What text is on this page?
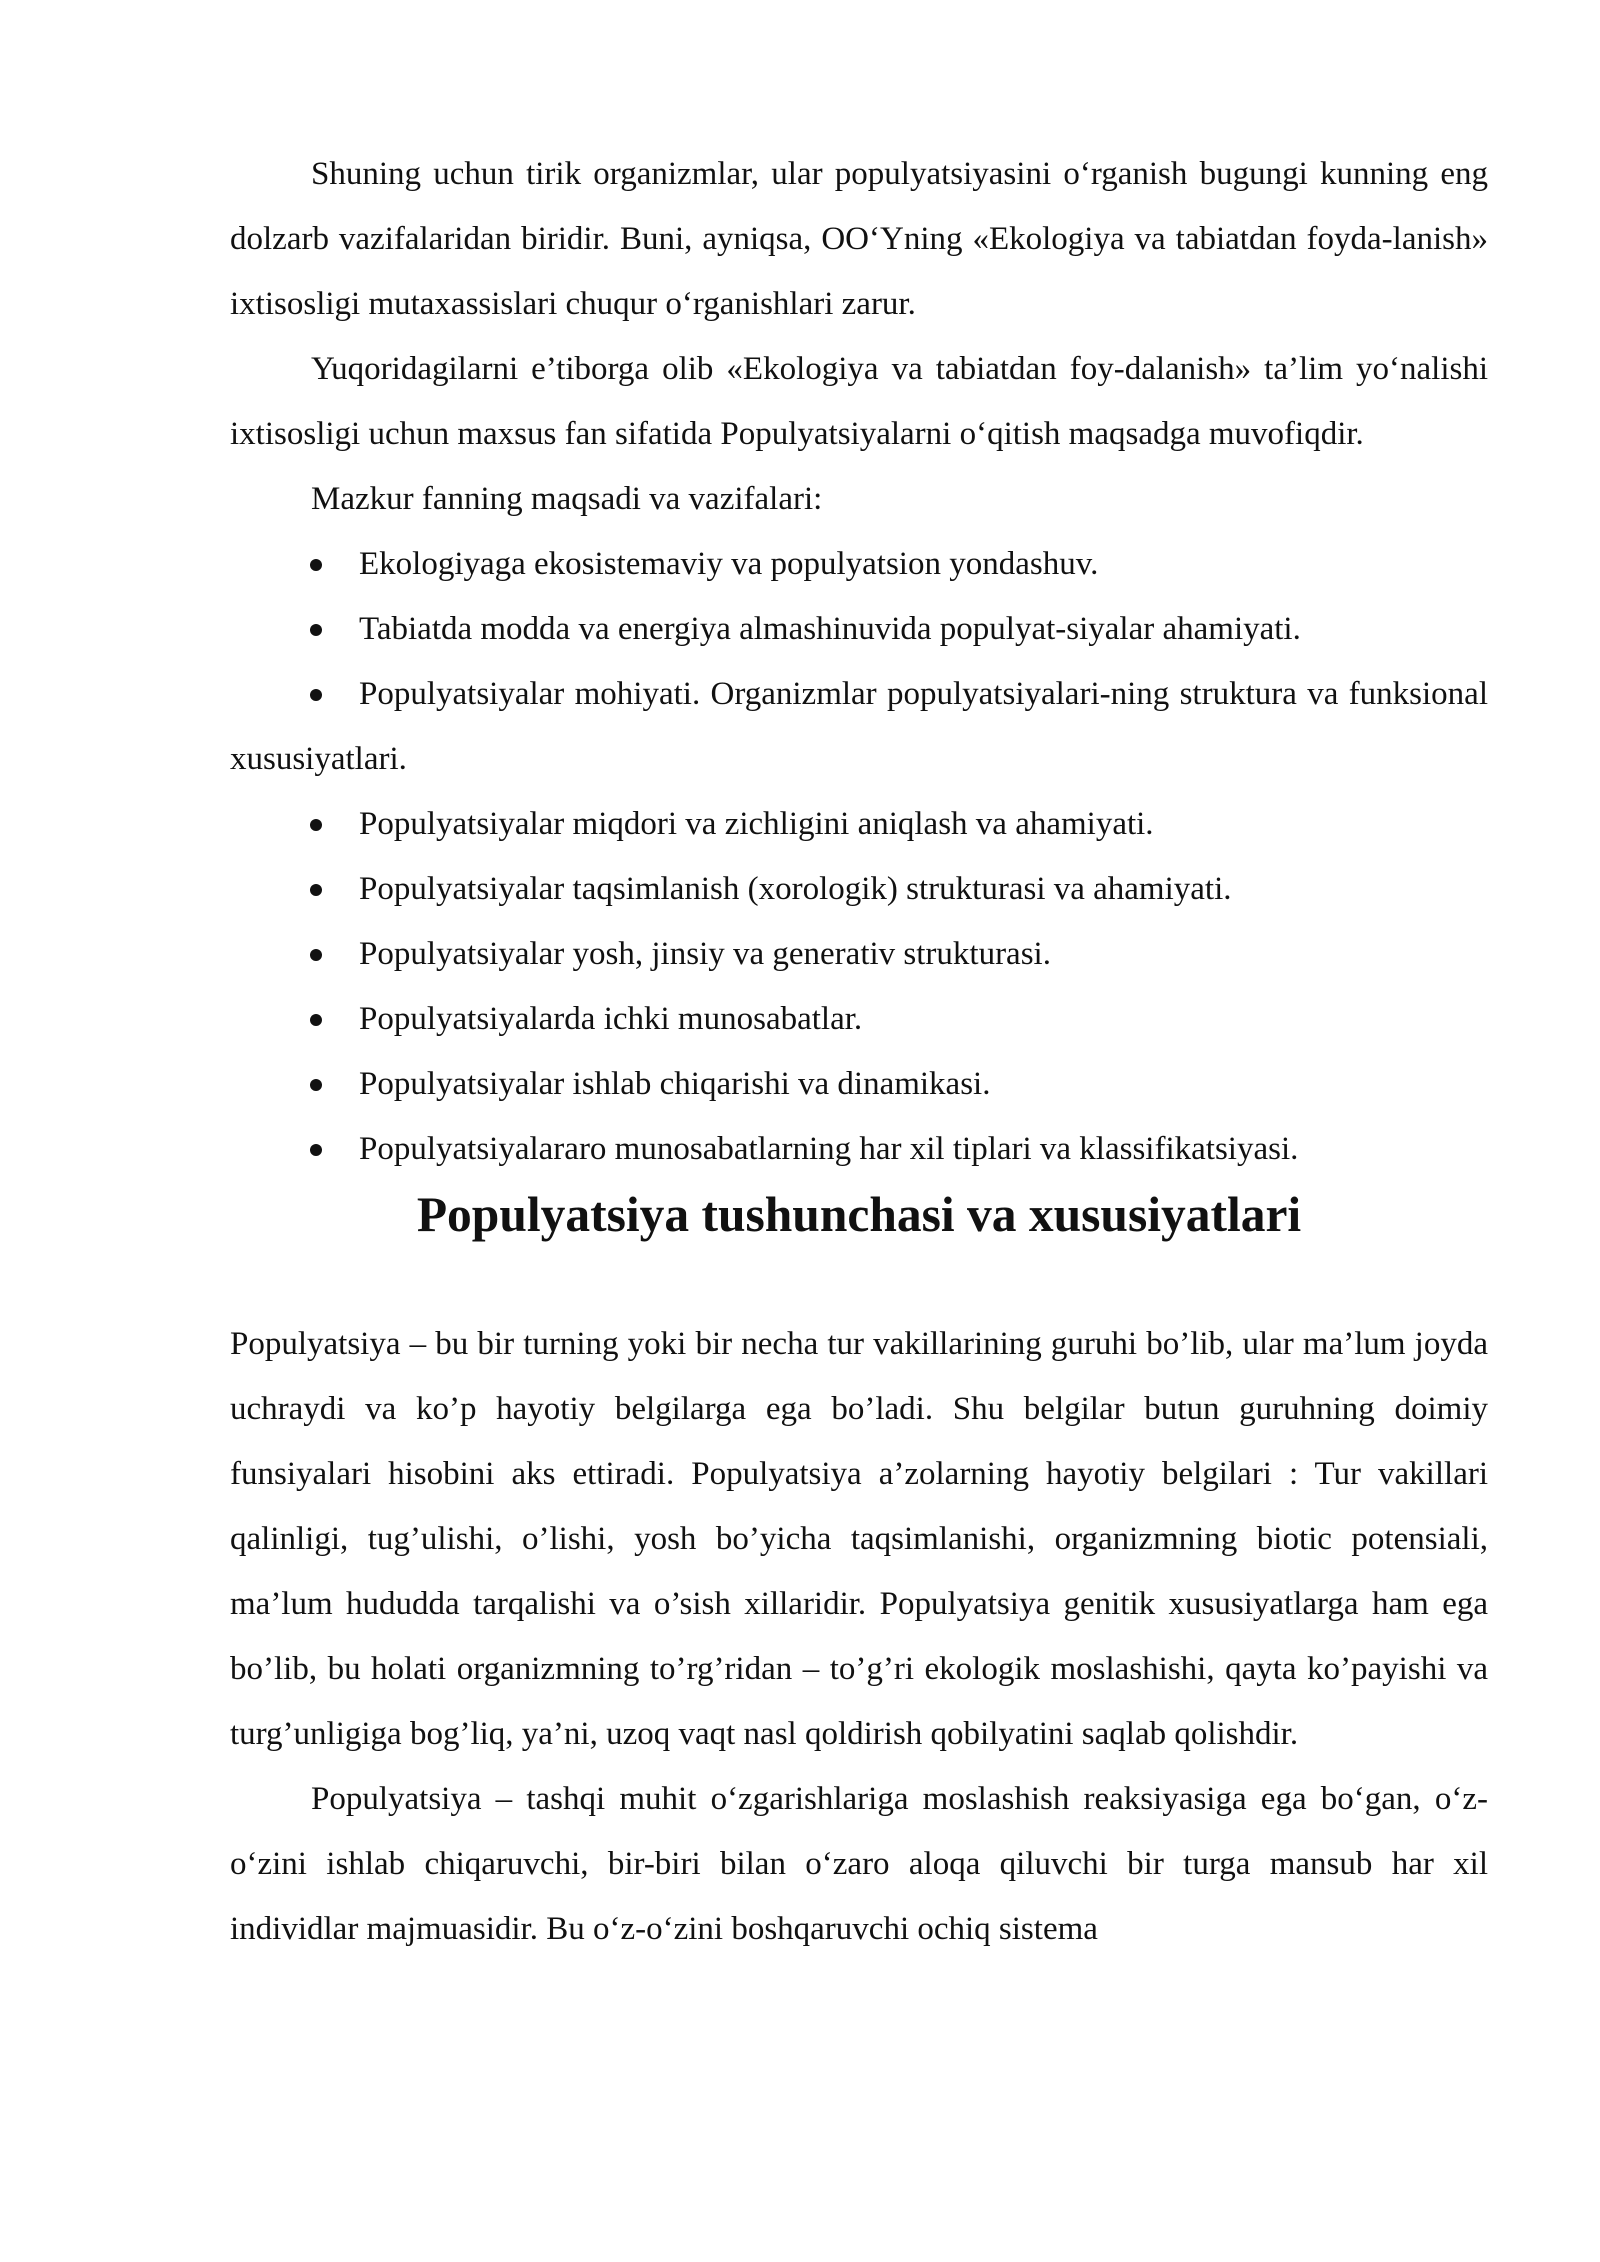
Shuning uchun tirik organizmlar, ular populyatsiyasini o‘rganish bugungi kunning eng dolzarb vazifalaridan biridir. Buni, ayniqsa, OO‘Yning «Ekologiya va tabiatdan foyda-lanish» ixtisosligi mutaxassislari chuqur o‘rganishlari zarur.

Yuqoridagilarni e’tiborga olib «Ekologiya va tabiatdan foy-dalanish» ta’lim yo‘nalishi ixtisosligi uchun maxsus fan sifatida Populyatsiyalarni o‘qitish maqsadga muvofiqdir.

Mazkur fanning maqsadi va vazifalari:

Ekologiyaga ekosistemaviy va populyatsion yondashuv.
Tabiatda modda va energiya almashinuvida populyat-siyalar ahamiyati.
Populyatsiyalar mohiyati. Organizmlar populyatsiyalari-ning struktura va funksional xususiyatlari.
Populyatsiyalar miqdori va zichligini aniqlash va ahamiyati.
Populyatsiyalar taqsimlanish (xorologik) strukturasi va ahamiyati.
Populyatsiyalar yosh, jinsiy va generativ strukturasi.
Populyatsiyalarda ichki munosabatlar.
Populyatsiyalar ishlab chiqarishi va dinamikasi.
Populyatsiyalararo munosabatlarning har xil tiplari va klassifikatsiyasi.
Populyatsiya tushunchasi va xususiyatlari

Populyatsiya – bu bir turning yoki bir necha tur vakillarining guruhi bo’lib, ular ma’lum joyda uchraydi va ko’p hayotiy belgilarga ega bo’ladi. Shu belgilar butun guruhning doimiy funsiyalari hisobini aks ettiradi. Populyatsiya a’zolarning hayotiy belgilari : Tur vakillari qalinligi, tug’ulishi, o’lishi, yosh bo’yicha taqsimlanishi, organizmning biotic potensiali, ma’lum hududda tarqalishi va o’sish xillaridir. Populyatsiya genitik xususiyatlarga ham ega bo’lib, bu holati organizmning to’rg’ridan – to’g’ri ekologik moslashishi, qayta ko’payishi va turg’unligiga bog’liq, ya’ni, uzoq vaqt nasl qoldirish qobilyatini saqlab qolishdir.

Populyatsiya – tashqi muhit o‘zgarishlariga moslashish reaksiyasiga ega bo‘gan, o‘z-o‘zini ishlab chiqaruvchi, bir-biri bilan o‘zaro aloqa qiluvchi bir turga mansub har xil individlar majmuasidir. Bu o‘z-o‘zini boshqaruvchi ochiq sistema
